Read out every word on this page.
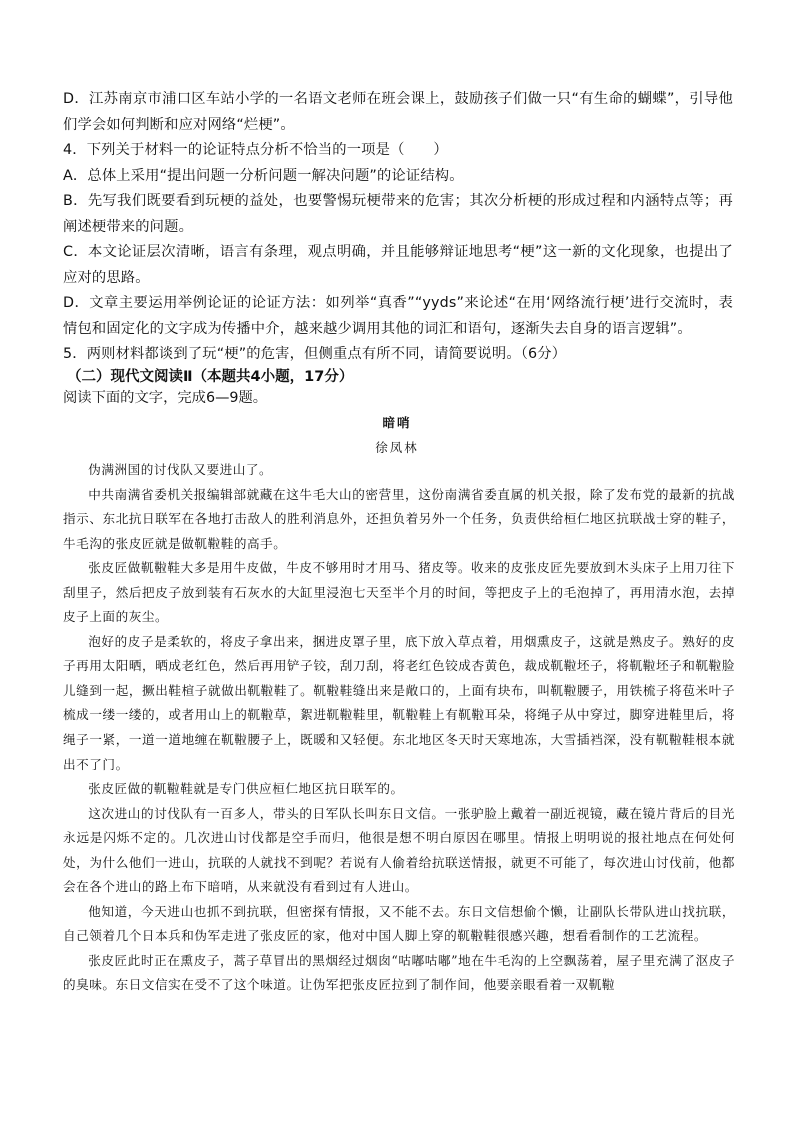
D．江苏南京市浦口区车站小学的一名语文老师在班会课上，鼓励孩子们做一只“有生命的蝴蝶”，引导他们学会如何判断和应对网络“烂梗”。

4．下列关于材料一的论证特点分析不恰当的一项是（　　）

A．总体上采用“提出问题一分析问题一解决问题”的论证结构。

B．先写我们既要看到玩梗的益处，也要警惕玩梗带来的危害；其次分析梗的形成过程和内涵特点等；再阐述梗带来的问题。

C．本文论证层次清晰，语言有条理，观点明确，并且能够辩证地思考“梗”这一新的文化现象，也提出了应对的思路。

D．文章主要运用举例论证的论证方法：如列举“真香”“yyds”来论述“在用‘网络流行梗’进行交流时，表情包和固定化的文字成为传播中介，越来越少调用其他的词汇和语句，逐渐失去自身的语言逻辑”。

5．两则材料都谈到了玩“梗”的危害，但侧重点有所不同，请简要说明。（6分）

（二）现代文阅读Ⅱ（本题共4小题，17分）

阅读下面的文字，完成6—9题。

暗哨

徐凤林

伪满洲国的讨伐队又要进山了。

中共南满省委机关报编辑部就藏在这牛毛大山的密营里，这份南满省委直属的机关报，除了发布党的最新的抗战指示、东北抗日联军在各地打击敌人的胜利消息外，还担负着另外一个任务，负责供给桓仁地区抗联战士穿的鞋子，牛毛沟的张皮匠就是做靰鞡鞋的高手。

张皮匠做靰鞡鞋大多是用牛皮做，牛皮不够用时才用马、猪皮等。收来的皮张皮匠先要放到木头床子上用刀往下刮里子，然后把皮子放到装有石灰水的大缸里浸泡七天至半个月的时间，等把皮子上的毛泡掉了，再用清水泡，去掉皮子上面的灰尘。

泡好的皮子是柔软的，将皮子拿出来，捆进皮罩子里，底下放入草点着，用烟熏皮子，这就是熟皮子。熟好的皮子再用太阳晒，晒成老红色，然后再用铲子铰，刮刀刮，将老红色铰成杏黄色，裁成靰鞡坯子，将靰鞡坯子和靰鞡脸儿缝到一起，撅出鞋楦子就做出靰鞡鞋了。靰鞡鞋缝出来是敞口的，上面有块布，叫靰鞡腰子，用铁梳子将苞米叶子梳成一缕一缕的，或者用山上的靰鞡草，絮进靰鞡鞋里，靰鞡鞋上有靰鞡耳朵，将绳子从中穿过，脚穿进鞋里后，将绳子一紧，一道一道地缠在靰鞡腰子上，既暖和又轻便。东北地区冬天时天寒地冻，大雪插裆深，没有靰鞡鞋根本就出不了门。

张皮匠做的靰鞡鞋就是专门供应桓仁地区抗日联军的。

这次进山的讨伐队有一百多人，带头的日军队长叫东日文信。一张驴脸上戴着一副近视镜，藏在镜片背后的目光永远是闪烁不定的。几次进山讨伐都是空手而归，他很是想不明白原因在哪里。情报上明明说的报社地点在何处何处，为什么他们一进山，抗联的人就找不到呢？若说有人偷着给抗联送情报，就更不可能了，每次进山讨伐前，他都会在各个进山的路上布下暗哨，从来就没有看到过有人进山。

他知道，今天进山也抓不到抗联，但密探有情报，又不能不去。东日文信想偷个懒，让副队长带队进山找抗联，自己领着几个日本兵和伪军走进了张皮匠的家，他对中国人脚上穿的靰鞡鞋很感兴趣，想看看制作的工艺流程。

张皮匠此时正在熏皮子，蒿子草冒出的黑烟经过烟囱“咕嘟咕嘟”地在牛毛沟的上空飘荡着，屋子里充满了沤皮子的臭味。东日文信实在受不了这个味道。让伪军把张皮匠拉到了制作间，他要亲眼看着一双靰鞡
